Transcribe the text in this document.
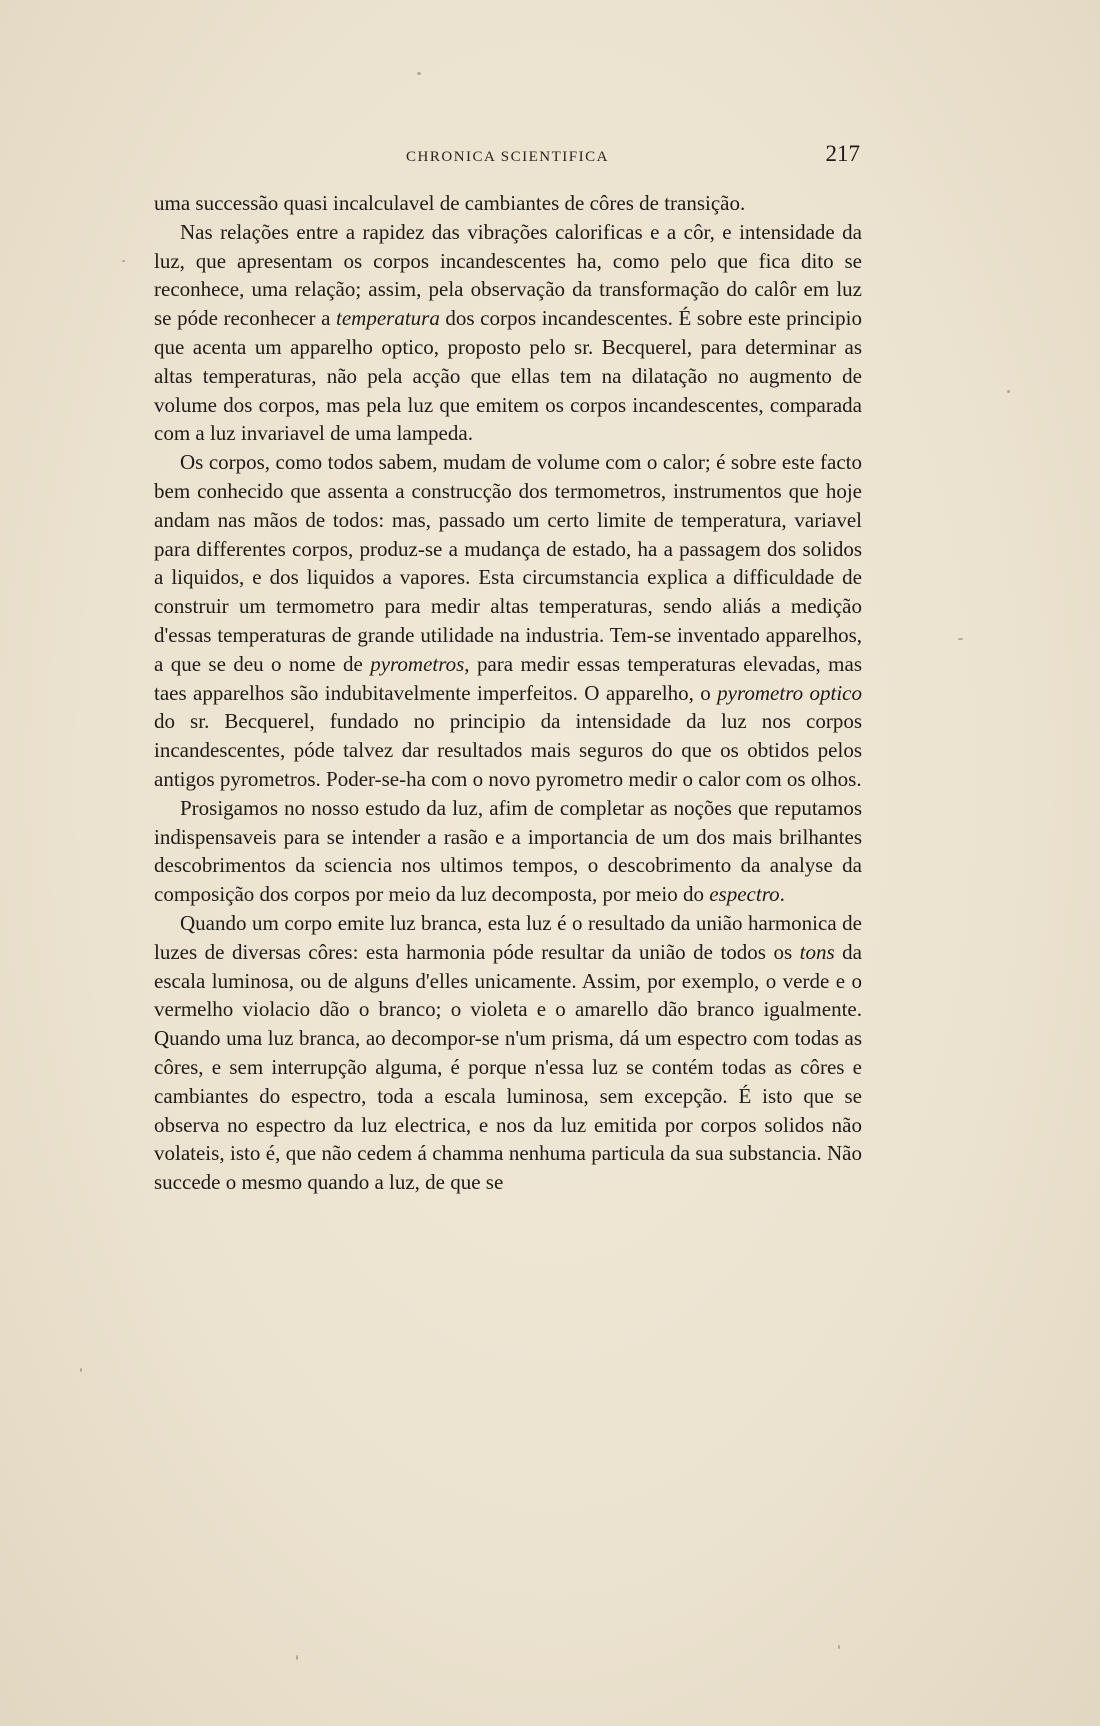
CHRONICA SCIENTIFICA	217

uma successão quasi incalculavel de cambiantes de côres de transição.

Nas relações entre a rapidez das vibrações calorificas e a côr, e intensidade da luz, que apresentam os corpos incandescentes ha, como pelo que fica dito se reconhece, uma relação; assim, pela observação da transformação do calôr em luz se póde reconhecer a temperatura dos corpos incandescentes. É sobre este principio que acenta um apparelho optico, proposto pelo sr. Becquerel, para determinar as altas temperaturas, não pela acção que ellas tem na dilatação no augmento de volume dos corpos, mas pela luz que emitem os corpos incandescentes, comparada com a luz invariavel de uma lampeda.

Os corpos, como todos sabem, mudam de volume com o calor; é sobre este facto bem conhecido que assenta a construcção dos termometros, instrumentos que hoje andam nas mãos de todos: mas, passado um certo limite de temperatura, variavel para differentes corpos, produz-se a mudança de estado, ha a passagem dos solidos a liquidos, e dos liquidos a vapores. Esta circumstancia explica a difficuldade de construir um termometro para medir altas temperaturas, sendo aliás a medição d'essas temperaturas de grande utilidade na industria. Tem-se inventado apparelhos, a que se deu o nome de pyrometros, para medir essas temperaturas elevadas, mas taes apparelhos são indubitavelmente imperfeitos. O apparelho, o pyrometro optico do sr. Becquerel, fundado no principio da intensidade da luz nos corpos incandescentes, póde talvez dar resultados mais seguros do que os obtidos pelos antigos pyrometros. Poder-se-ha com o novo pyrometro medir o calor com os olhos.

Prosigamos no nosso estudo da luz, afim de completar as noções que reputamos indispensaveis para se intender a rasão e a importancia de um dos mais brilhantes descobrimentos da sciencia nos ultimos tempos, o descobrimento da analyse da composição dos corpos por meio da luz decomposta, por meio do espectro.

Quando um corpo emite luz branca, esta luz é o resultado da união harmonica de luzes de diversas côres: esta harmonia póde resultar da união de todos os tons da escala luminosa, ou de alguns d'elles unicamente. Assim, por exemplo, o verde e o vermelho violacio dão o branco; o violeta e o amarello dão branco igualmente. Quando uma luz branca, ao decompor-se n'um prisma, dá um espectro com todas as côres, e sem interrupção alguma, é porque n'essa luz se contém todas as côres e cambiantes do espectro, toda a escala luminosa, sem excepção. É isto que se observa no espectro da luz electrica, e nos da luz emitida por corpos solidos não volateis, isto é, que não cedem á chamma nenhuma particula da sua substancia. Não succede o mesmo quando a luz, de que se
